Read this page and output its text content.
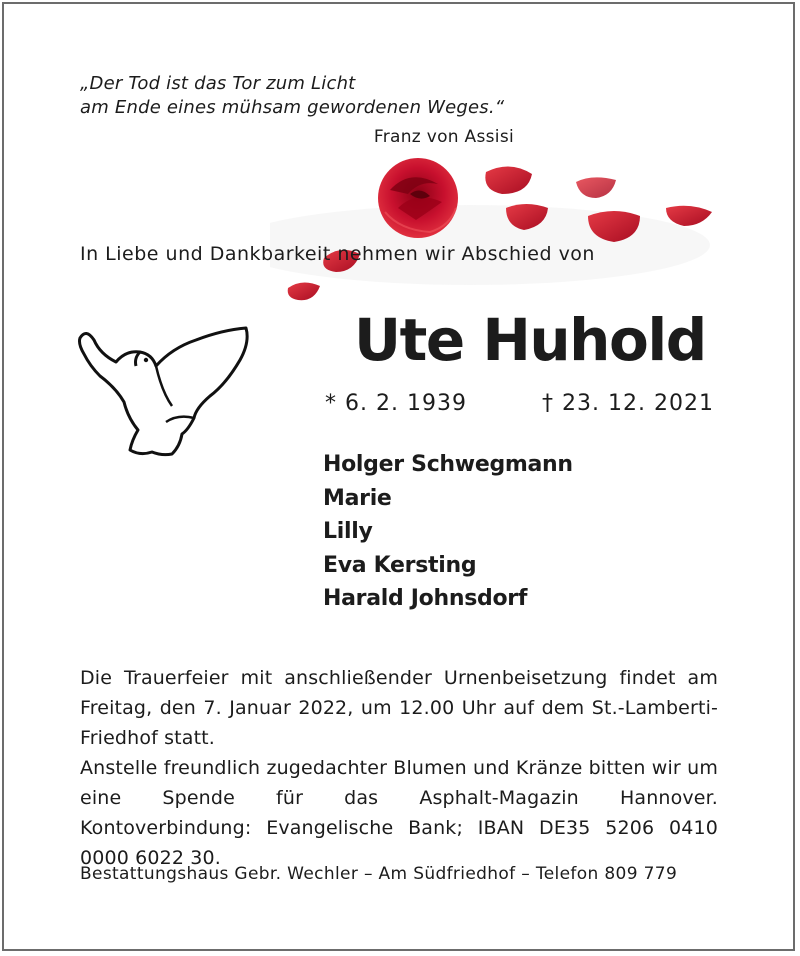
„Der Tod ist das Tor zum Licht
am Ende eines mühsam gewordenen Weges.“
Franz von Assisi
In Liebe und Dankbarkeit nehmen wir Abschied von
Ute Huhold
* 6. 2. 1939	† 23. 12. 2021
Holger Schwegmann
Marie
Lilly
Eva Kersting
Harald Johnsdorf

Die Trauerfeier mit anschließender Urnenbeisetzung findet am Freitag, den 7. Januar 2022, um 12.00 Uhr auf dem St.-Lamberti-Friedhof statt.

Anstelle freundlich zugedachter Blumen und Kränze bitten wir um eine Spende für das Asphalt-Magazin Hannover. Kontoverbindung: Evangelische Bank; IBAN DE35 5206 0410 0000 6022 30.

Bestattungshaus Gebr. Wechler – Am Südfriedhof – Telefon 809 779
